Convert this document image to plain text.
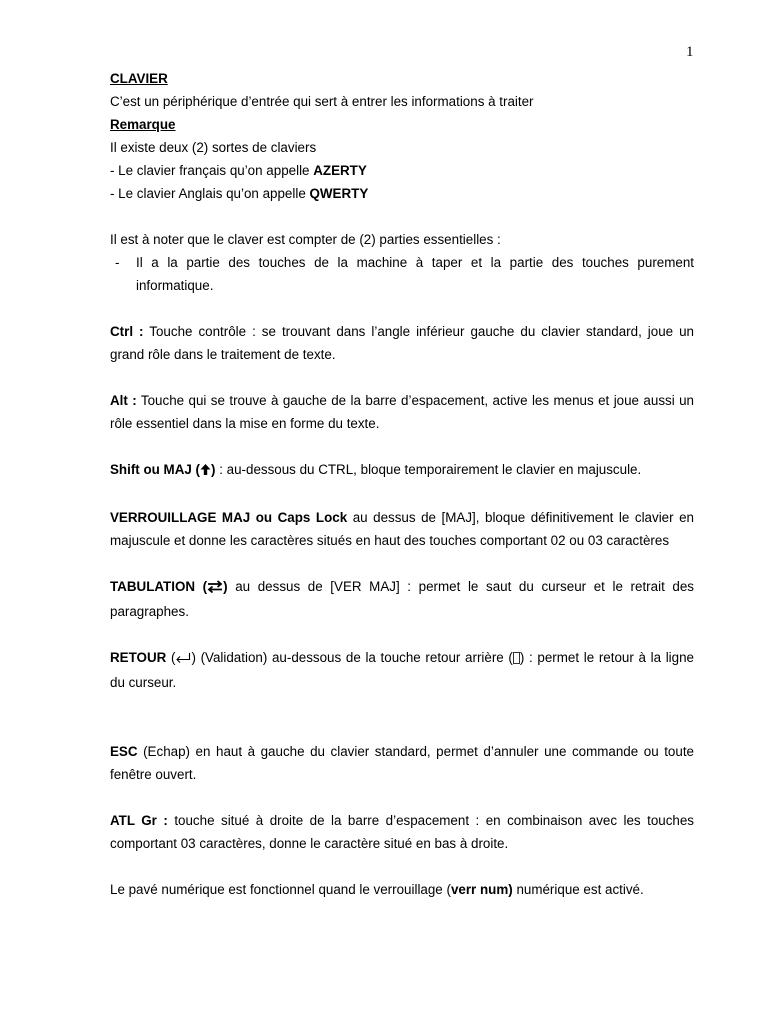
1
CLAVIER
C’est un périphérique d’entrée qui sert à entrer les informations à traiter
Remarque
Il existe deux (2) sortes de claviers
- Le clavier français qu’on appelle AZERTY
- Le clavier Anglais qu’on appelle QWERTY
Il est à noter que le claver est compter de (2) parties essentielles :
- Il a la partie des touches de la machine à taper et la partie des touches purement informatique.
Ctrl : Touche contrôle : se trouvant dans l’angle inférieur gauche du clavier standard, joue un grand rôle dans le traitement de texte.
Alt : Touche qui se trouve à gauche de la barre d’espacement, active les menus et joue aussi un rôle essentiel dans la mise en forme du texte.
Shift ou MAJ ( ) : au-dessous du CTRL, bloque temporairement le clavier en majuscule.
VERROUILLAGE MAJ ou Caps Lock au dessus de [MAJ], bloque définitivement le clavier en majuscule et donne les caractères situés en haut des touches comportant 02 ou 03 caractères
TABULATION ( ) au dessus de [VER MAJ] : permet le saut du curseur et le retrait des paragraphes.
RETOUR ( ) (Validation) au-dessous de la touche retour arrière ( ) : permet le retour à la ligne du curseur.
ESC (Echap) en haut à gauche du clavier standard, permet d’annuler une commande ou toute fenêtre ouvert.
ATL Gr : touche situé à droite de la barre d’espacement : en combinaison avec les touches comportant 03 caractères, donne le caractère situé en bas à droite.
Le pavé numérique est fonctionnel quand le verrouillage (verr num) numérique est activé.
